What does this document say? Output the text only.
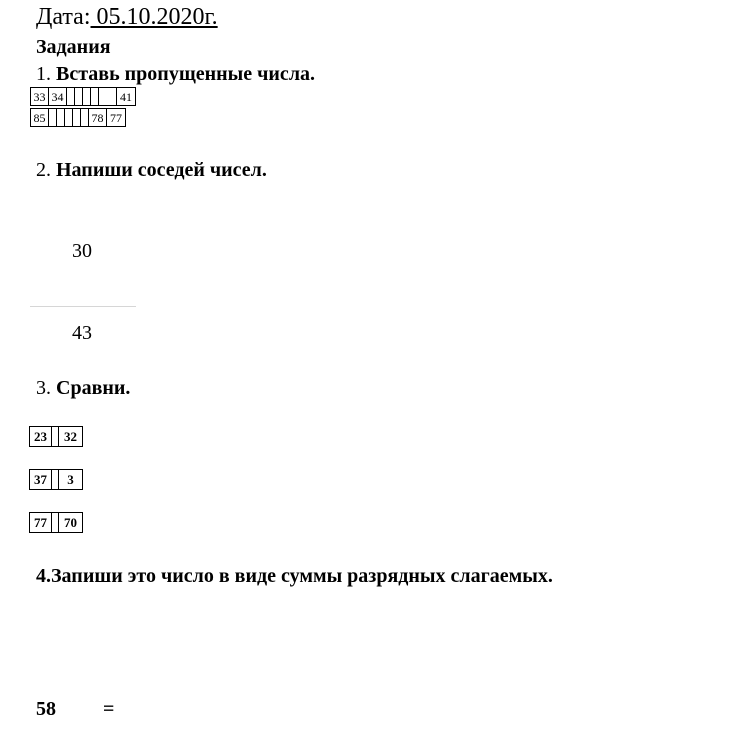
Дата: 05.10.2020г.
Задания
1. Вставь пропущенные числа.
33	34						41
85						78	77
2. Напиши соседей чисел.
30
43
3. Сравни.
23		32
37		3
77		70
4.Запиши это число в виде суммы разрядных слагаемых.
58 =
